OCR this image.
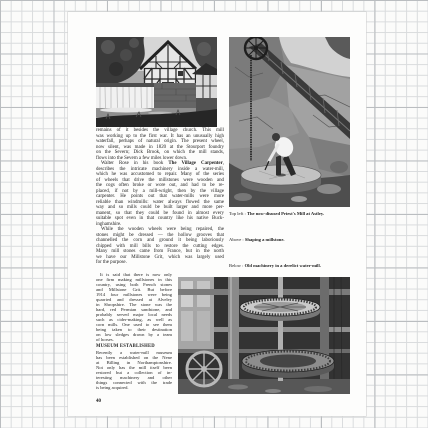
Top left : The now-disused Priest's Mill at Astley.
Above : Shaping a millstone.
Below : Old machinery in a derelict water-mill.
remains of it besides the village church. This mill
was working up to the first war. It has an unusually high
waterfall, perhaps of natural origin. The present wheel,
now silent, was made in 1820 at the Stourport foundry
on the Severn; Dick Brook, on which the mill stands,
flows into the Severn a few miles lower down.
Walter Rose in his book The Village Carpenter,
describes the intricate machinery inside a water-mill,
which he was accustomed to repair. Many of the series
of wheels that drive the millstones were wooden and
the cogs often broke or wore out, and had to be re-
placed, if not by a mill-wright, then by the village
carpenter. He points out that water-mills were more
reliable than windmills: water always flowed the same
way and so mills could be built larger and more per-
manent, so that they could be found in almost every
suitable spot even in that country like his native Buck-
inghamshire.
While the wooden wheels were being repaired, the
stones might be dressed — the hollow grooves that
channelled the corn and ground it being laboriously
chipped with mill bills to restore the cutting edges.
Many mill stones came from France, but in the north
we have our Millstone Grit, which was largely used
for the purpose.
It is said that there is now only
one firm making millstones in this
country, using both French stones
and Millstone Grit. But before
1914 four millstones were being
quarried and dressed at Alveley
in Shropshire. The stone was the
hard, red Permian sandstone, and
probably served major local needs
such as cider-making, as well as
corn mills. One used to see them
being taken to their destination
on low sledges drawn by a team
of horses.
MUSEUM ESTABLISHED
Recently a water-mill museum
has been established on the Nene
at Billing in Northamptonshire.
Not only has the mill itself been
restored but a collection of in-
teresting machinery and other
things connected with the trade
is being acquired.
40
